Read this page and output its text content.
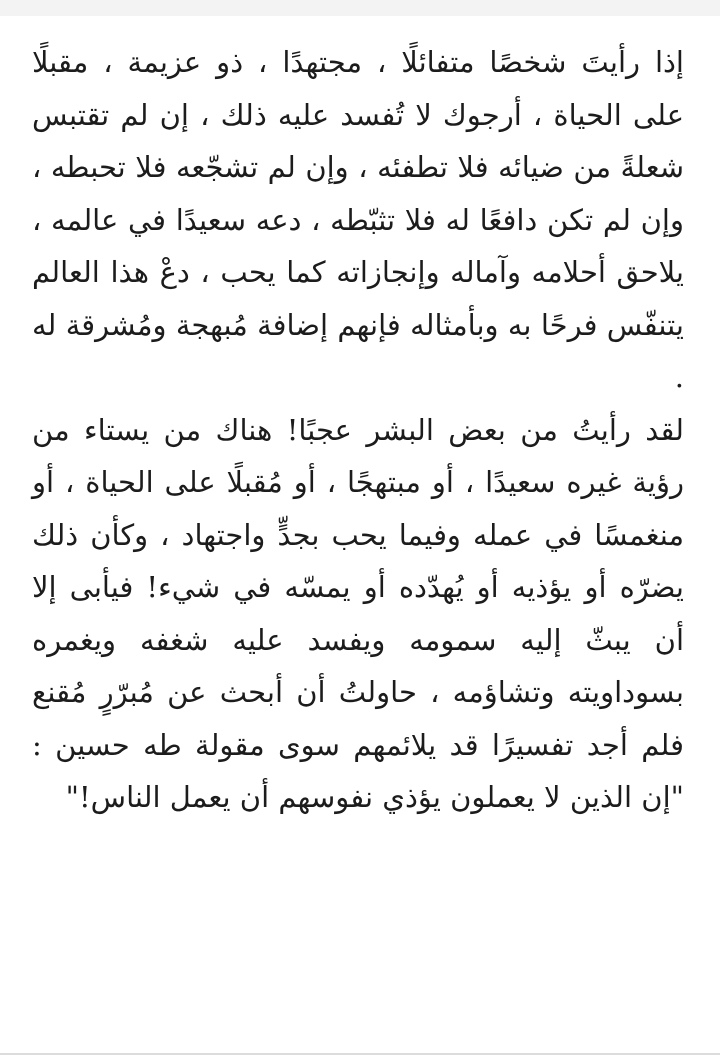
إذا رأيتَ شخصًا متفائلًا ، مجتهدًا ، ذو عزيمة ، مقبلًا على الحياة ، أرجوك لا تُفسد عليه ذلك ، إن لم تقتبس شعلةً من ضيائه فلا تطفئه ، وإن لم تشجّعه فلا تحبطه ، وإن لم تكن دافعًا له فلا تثبّطه ، دعه سعيدًا في عالمه ، يلاحق أحلامه وآماله وإنجازاته كما يحب ، دعْ هذا العالم يتنفّس فرحًا به وبأمثاله فإنهم إضافة مُبهجة ومُشرقة له .

لقد رأيتُ من بعض البشر عجبًا! هناك من يستاء من رؤية غيره سعيدًا ، أو مبتهجًا ، أو مُقبلًا على الحياة ، أو منغمسًا في عمله وفيما يحب بجدٍّ واجتهاد ، وكأن ذلك يضرّه أو يؤذيه أو يُهدّده أو يمسّه في شيء! فيأبى إلا أن يبثّ إليه سمومه ويفسد عليه شغفه ويغمره بسوداويته وتشاؤمه ، حاولتُ أن أبحث عن مُبرّرٍ مُقنع فلم أجد تفسيرًا قد يلائمهم سوى مقولة طه حسين : "إن الذين لا يعملون يؤذي نفوسهم أن يعمل الناس!"
